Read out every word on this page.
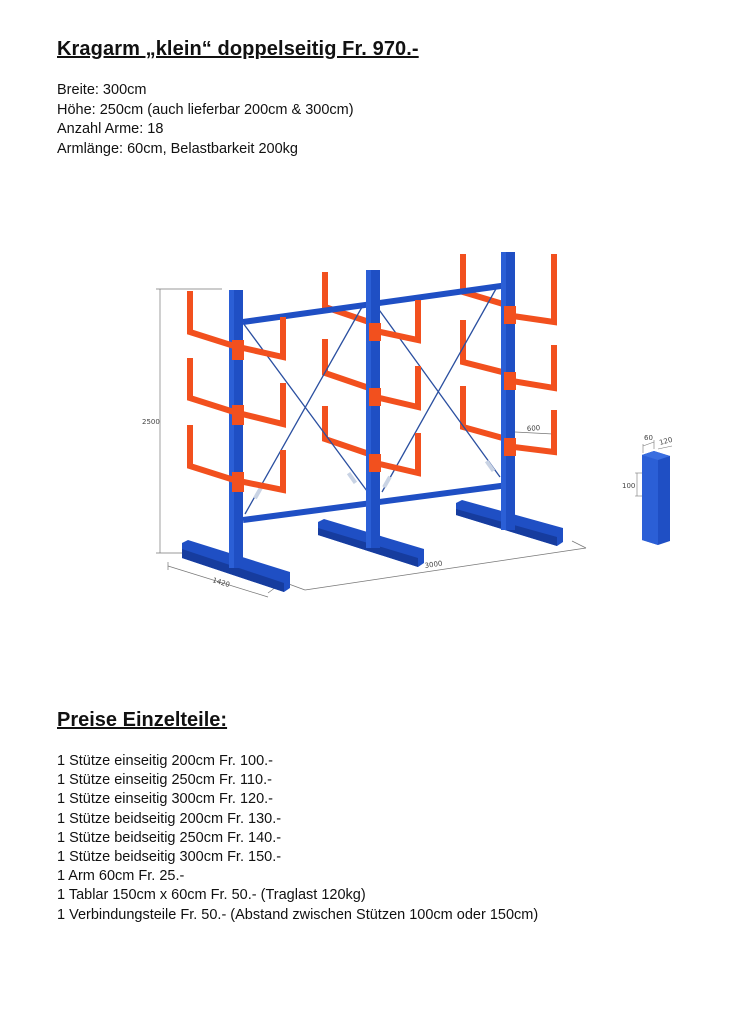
Kragarm „klein“ doppelseitig Fr. 970.-
Breite: 300cm
Höhe: 250cm (auch lieferbar 200cm & 300cm)
Anzahl Arme: 18
Armlänge: 60cm, Belastbarkeit 200kg
2500
1420
3000
600
60 120
100
Preise Einzelteile:
1 Stütze einseitig 200cm Fr. 100.-
1 Stütze einseitig 250cm Fr. 110.-
1 Stütze einseitig 300cm Fr. 120.-
1 Stütze beidseitig 200cm Fr. 130.-
1 Stütze beidseitig 250cm Fr. 140.-
1 Stütze beidseitig 300cm Fr. 150.-
1 Arm 60cm Fr. 25.-
1 Tablar 150cm x 60cm Fr. 50.- (Traglast 120kg)
1 Verbindungsteile Fr. 50.- (Abstand zwischen Stützen 100cm oder 150cm)
